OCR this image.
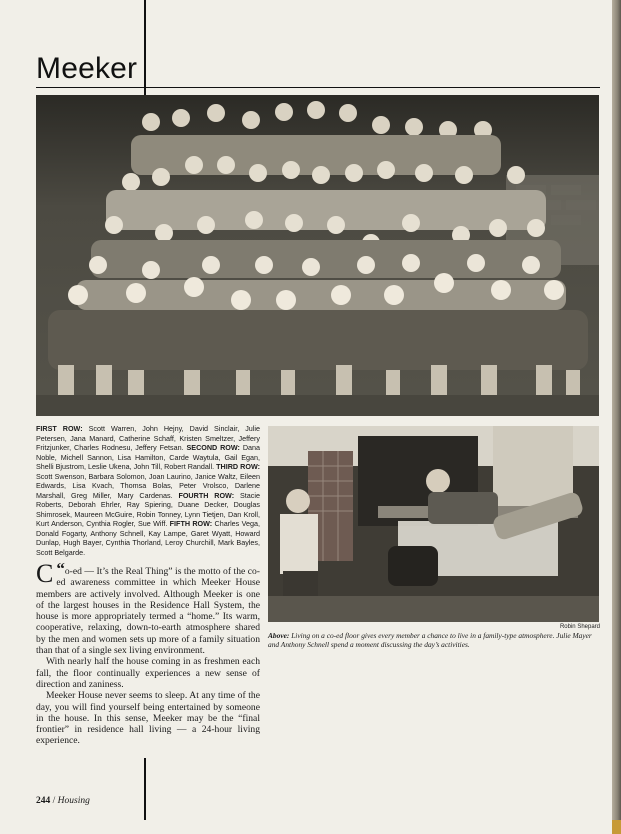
Meeker

FIRST ROW: Scott Warren, John Hejny, David Sinclair, Julie Petersen, Jana Manard, Catherine Schaff, Kristen Smeltzer, Jeffery Fritzjunker, Charles Rodnesu, Jeffery Fetsan. SECOND ROW: Dana Noble, Michell Sannon, Lisa Hamilton, Carde Waytula, Gail Egan, Shelli Bjustrom, Leslie Ukena, John Till, Robert Randall. THIRD ROW: Scott Swenson, Barbara Solomon, Joan Laurino, Janice Waltz, Eileen Edwards, Lisa Kvach, Thomsa Bolas, Peter Vrolsco, Darlene Marshall, Greg Miller, Mary Cardenas. FOURTH ROW: Stacie Roberts, Deborah Ehrler, Ray Spiering, Duane Decker, Douglas Shimrosek, Maureen McGuire, Robin Tonney, Lynn Tietjen, Dan Kroll, Kurt Anderson, Cynthia Rogler, Sue Wiff. FIFTH ROW: Charles Vega, Donald Fogarty, Anthony Schnell, Kay Lampe, Garet Wyatt, Howard Dunlap, Hugh Bayer, Cynthia Thorland, Leroy Churchill, Mark Bayles, Scott Belgarde.

“
C o-ed — It’s the Real Thing” is the motto of the co-ed awareness committee in which Meeker House members are actively involved. Although Meeker is one of the largest houses in the Residence Hall System, the house is more appropriately termed a “home.” Its warm, cooperative, relaxing, down-to-earth atmosphere shared by the men and women sets up more of a family situation than that of a single sex living environment.

With nearly half the house coming in as freshmen each fall, the floor continually experiences a new sense of direction and zaniness.

Meeker House never seems to sleep. At any time of the day, you will find yourself being entertained by someone in the house. In this sense, Meeker may be the “final frontier” in residence hall living — a 24-hour living experience.

Robin Shepard

Above: Living on a co-ed floor gives every member a chance to live in a family-type atmosphere. Julie Mayer and Anthony Schnell spend a moment discussing the day’s activities.

244 / Housing
